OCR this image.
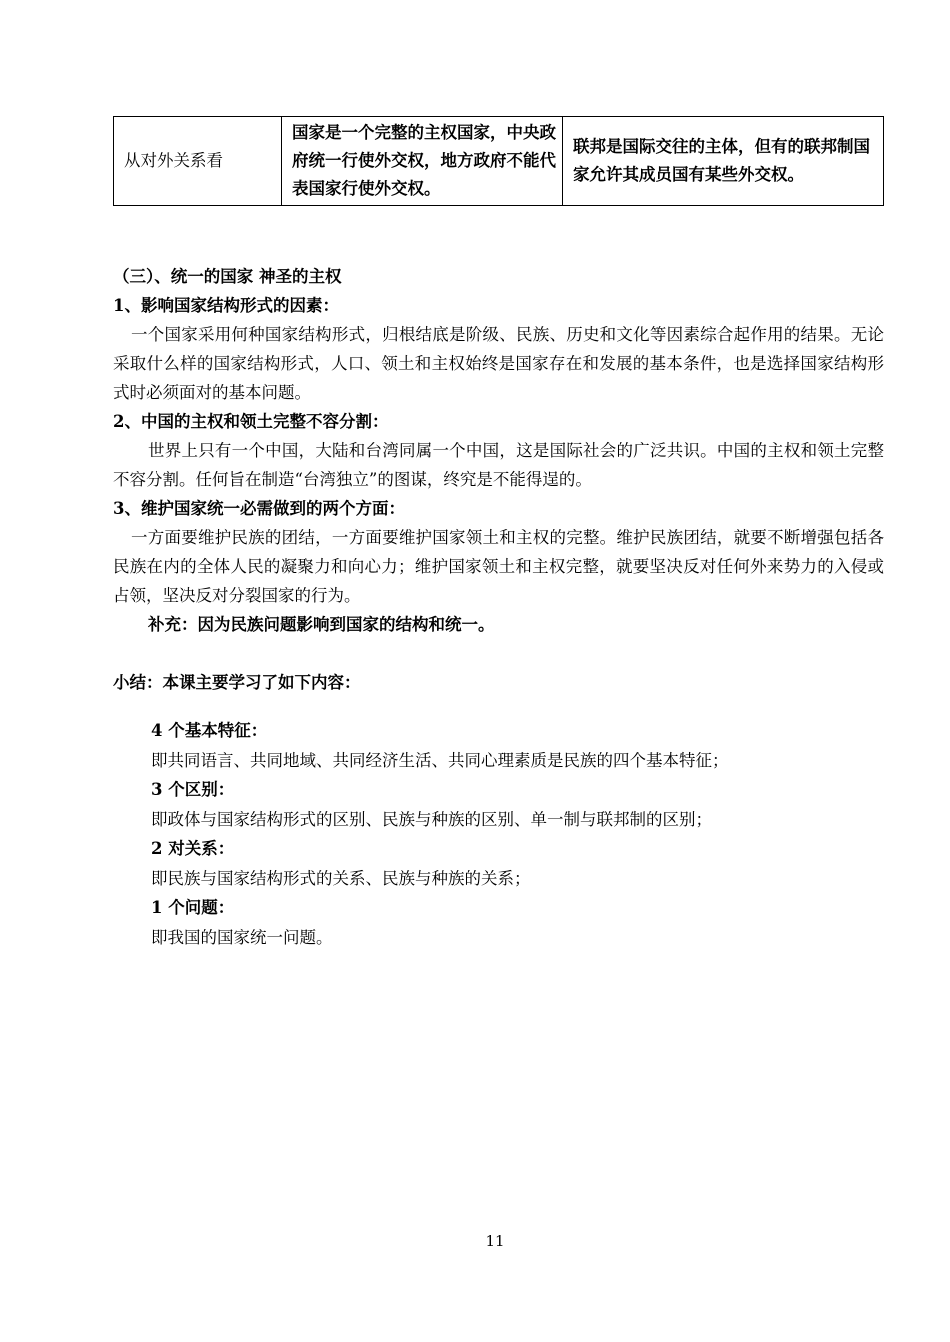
从对外关系看	国家是一个完整的主权国家，中央政府统一行使外交权，地方政府不能代表国家行使外交权。	联邦是国际交往的主体，但有的联邦制国家允许其成员国有某些外交权。
（三）、统一的国家 神圣的主权
1、影响国家结构形式的因素：
一个国家采用何种国家结构形式，归根结底是阶级、民族、历史和文化等因素综合起作用的结果。无论采取什么样的国家结构形式，人口、领土和主权始终是国家存在和发展的基本条件，也是选择国家结构形式时必须面对的基本问题。
2、中国的主权和领土完整不容分割：
世界上只有一个中国，大陆和台湾同属一个中国，这是国际社会的广泛共识。中国的主权和领土完整不容分割。任何旨在制造“台湾独立”的图谋，终究是不能得逞的。
3、维护国家统一必需做到的两个方面：
一方面要维护民族的团结，一方面要维护国家领土和主权的完整。维护民族团结，就要不断增强包括各民族在内的全体人民的凝聚力和向心力；维护国家领土和主权完整，就要坚决反对任何外来势力的入侵或占领，坚决反对分裂国家的行为。
补充：因为民族问题影响到国家的结构和统一。
小结：本课主要学习了如下内容：
4 个基本特征：
即共同语言、共同地域、共同经济生活、共同心理素质是民族的四个基本特征；
3 个区别：
即政体与国家结构形式的区别、民族与种族的区别、单一制与联邦制的区别；
2 对关系：
即民族与国家结构形式的关系、民族与种族的关系；
1 个问题：
即我国的国家统一问题。
11
